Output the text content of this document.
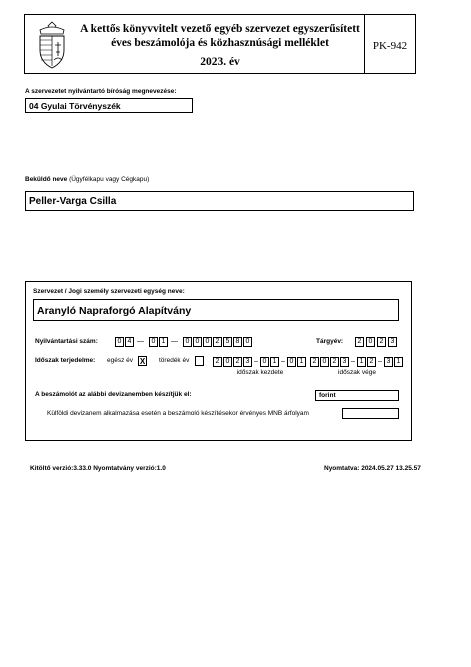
A kettős könyvvitelt vezető egyéb szervezet egyszerűsített
éves beszámolója és közhasznúsági melléklet
2023. év
PK-942
A szervezetet nyilvántartó bíróság megnevezése:
04 Gyulai Törvényszék
Beküldő neve (Ügyfélkapu vagy Cégkapu)
Peller-Varga Csilla
Szervezet / Jogi személy szervezeti egység neve:
Aranyló Napraforgó Alapítvány
Nyilvántartási szám:	0 4 —	0 1 —	0 0 0 2 5 8 0	Tárgyév:	2	0	2	3
Időszak terjedelme: egész év X töredék év	2 0 2 3 – 0 1 – 0 1
időszak kezdete
2 0 2 3 – 1 2 – 3 1
időszak vége
A beszámolót az alábbi devizanemben készítjük el:	forint
Külföldi devizanem alkalmazása esetén a beszámoló készítésekor érvényes MNB árfolyam
Kitöltő verzió:3.33.0 Nyomtatvány verzió:1.0	Nyomtatva: 2024.05.27 13.25.57
